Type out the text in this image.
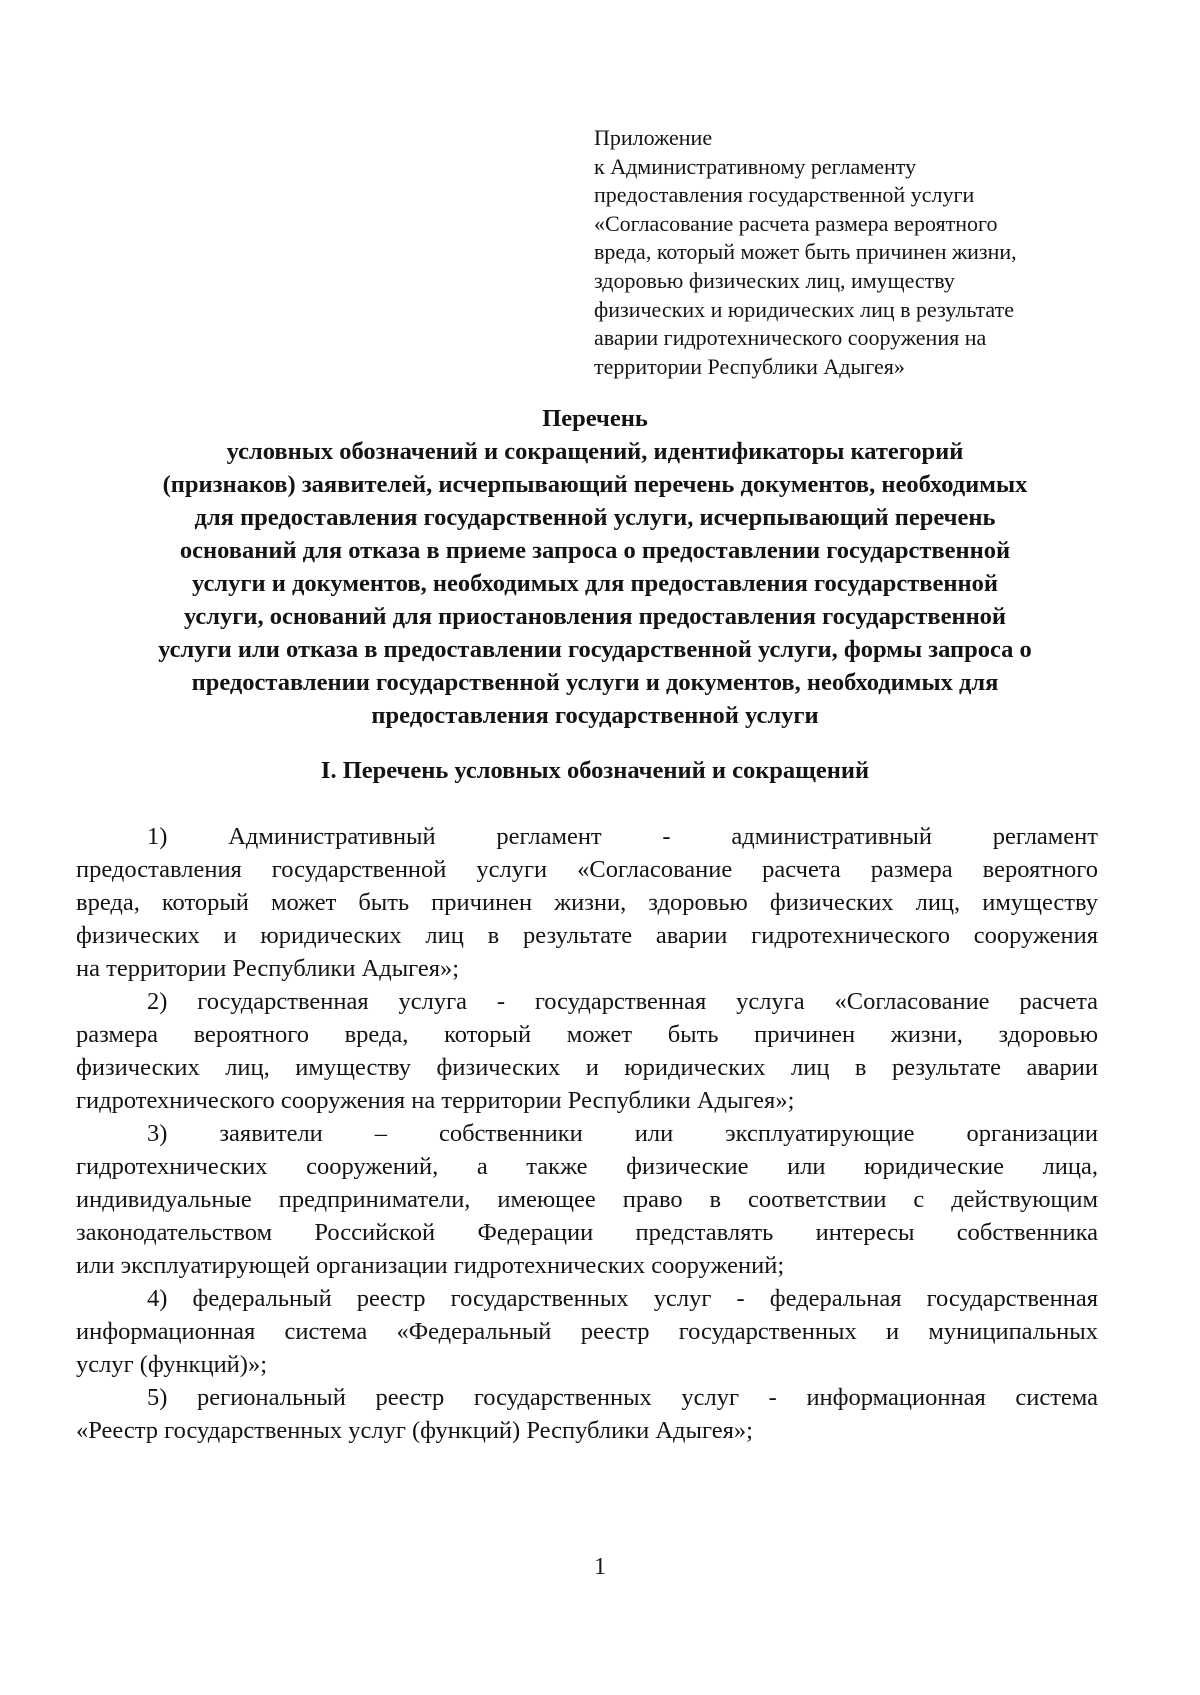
Приложение
к Административному регламенту
предоставления государственной услуги
«Согласование расчета размера вероятного
вреда, который может быть причинен жизни,
здоровью физических лиц, имуществу
физических и юридических лиц в результате
аварии гидротехнического сооружения на
территории Республики Адыгея»
Перечень
условных обозначений и сокращений, идентификаторы категорий
(признаков) заявителей, исчерпывающий перечень документов, необходимых
для предоставления государственной услуги, исчерпывающий перечень
оснований для отказа в приеме запроса о предоставлении государственной
услуги и документов, необходимых для предоставления государственной
услуги, оснований для приостановления предоставления государственной
услуги или отказа в предоставлении государственной услуги, формы запроса о
предоставлении государственной услуги и документов, необходимых для
предоставления государственной услуги
I. Перечень условных обозначений и сокращений
1) Административный регламент - административный регламент
предоставления государственной услуги «Согласование расчета размера вероятного
вреда, который может быть причинен жизни, здоровью физических лиц, имуществу
физических и юридических лиц в результате аварии гидротехнического сооружения
на территории Республики Адыгея»;
2) государственная услуга - государственная услуга «Согласование расчета
размера вероятного вреда, который может быть причинен жизни, здоровью
физических лиц, имуществу физических и юридических лиц в результате аварии
гидротехнического сооружения на территории Республики Адыгея»;
3) заявители – собственники или эксплуатирующие организации
гидротехнических сооружений, а также физические или юридические лица,
индивидуальные предприниматели, имеющее право в соответствии с действующим
законодательством Российской Федерации представлять интересы собственника
или эксплуатирующей организации гидротехнических сооружений;
4) федеральный реестр государственных услуг - федеральная государственная
информационная система «Федеральный реестр государственных и муниципальных
услуг (функций)»;
5) региональный реестр государственных услуг - информационная система
«Реестр государственных услуг (функций) Республики Адыгея»;
1
